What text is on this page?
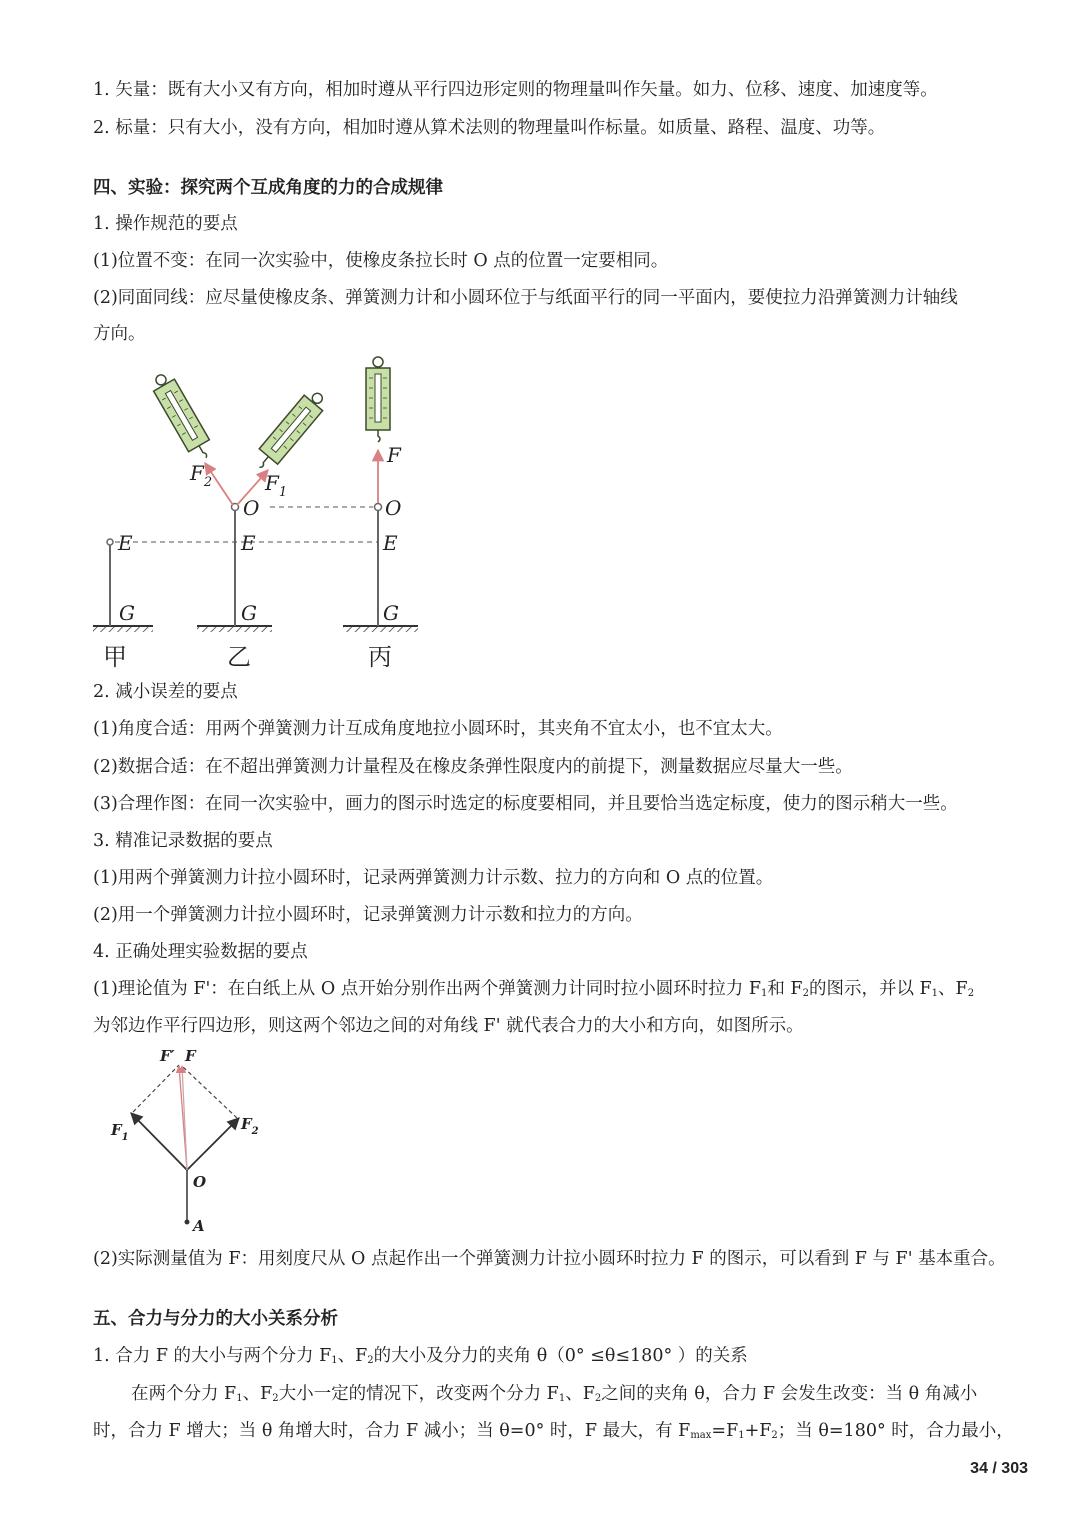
1. 矢量：既有大小又有方向，相加时遵从平行四边形定则的物理量叫作矢量。如力、位移、速度、加速度等。
2. 标量：只有大小，没有方向，相加时遵从算术法则的物理量叫作标量。如质量、路程、温度、功等。
四、实验：探究两个互成角度的力的合成规律
1. 操作规范的要点
(1)位置不变：在同一次实验中，使橡皮条拉长时 O 点的位置一定要相同。
(2)同面同线：应尽量使橡皮条、弹簧测力计和小圆环位于与纸面平行的同一平面内，要使拉力沿弹簧测力计轴线
方向。
$F_2$	$F_1$
F
O	O
E	E	E
G	G	G
甲	乙	丙
2. 减小误差的要点
(1)角度合适：用两个弹簧测力计互成角度地拉小圆环时，其夹角不宜太小，也不宜太大。
(2)数据合适：在不超出弹簧测力计量程及在橡皮条弹性限度内的前提下，测量数据应尽量大一些。
(3)合理作图：在同一次实验中，画力的图示时选定的标度要相同，并且要恰当选定标度，使力的图示稍大一些。
3. 精准记录数据的要点
(1)用两个弹簧测力计拉小圆环时，记录两弹簧测力计示数、拉力的方向和 O 点的位置。
(2)用一个弹簧测力计拉小圆环时，记录弹簧测力计示数和拉力的方向。
4. 正确处理实验数据的要点
(1)理论值为 F'：在白纸上从 O 点开始分别作出两个弹簧测力计同时拉小圆环时拉力 $F_1$和 $F_2$的图示，并以 $F_1$、$F_2$
为邻边作平行四边形，则这两个邻边之间的对角线 F' 就代表合力的大小和方向，如图所示。
F′ F
$F_1$
$F_2$
O
A
(2)实际测量值为 F：用刻度尺从 O 点起作出一个弹簧测力计拉小圆环时拉力 F 的图示，可以看到 F 与 F' 基本重合。
五、合力与分力的大小关系分析
1. 合力 F 的大小与两个分力 $F_1$、$F_2$的大小及分力的夹角 θ（0° ≤θ≤180° ）的关系
在两个分力 $F_1$、$F_2$大小一定的情况下，改变两个分力 $F_1$、$F_2$之间的夹角 θ，合力 F 会发生改变：当 θ 角减小
时，合力 F 增大；当 θ 角增大时，合力 F 减小；当 θ=0° 时，F 最大，有 $F_{max}=F_1+F_2$；当 θ=180° 时，合力最小，
34 / 303
